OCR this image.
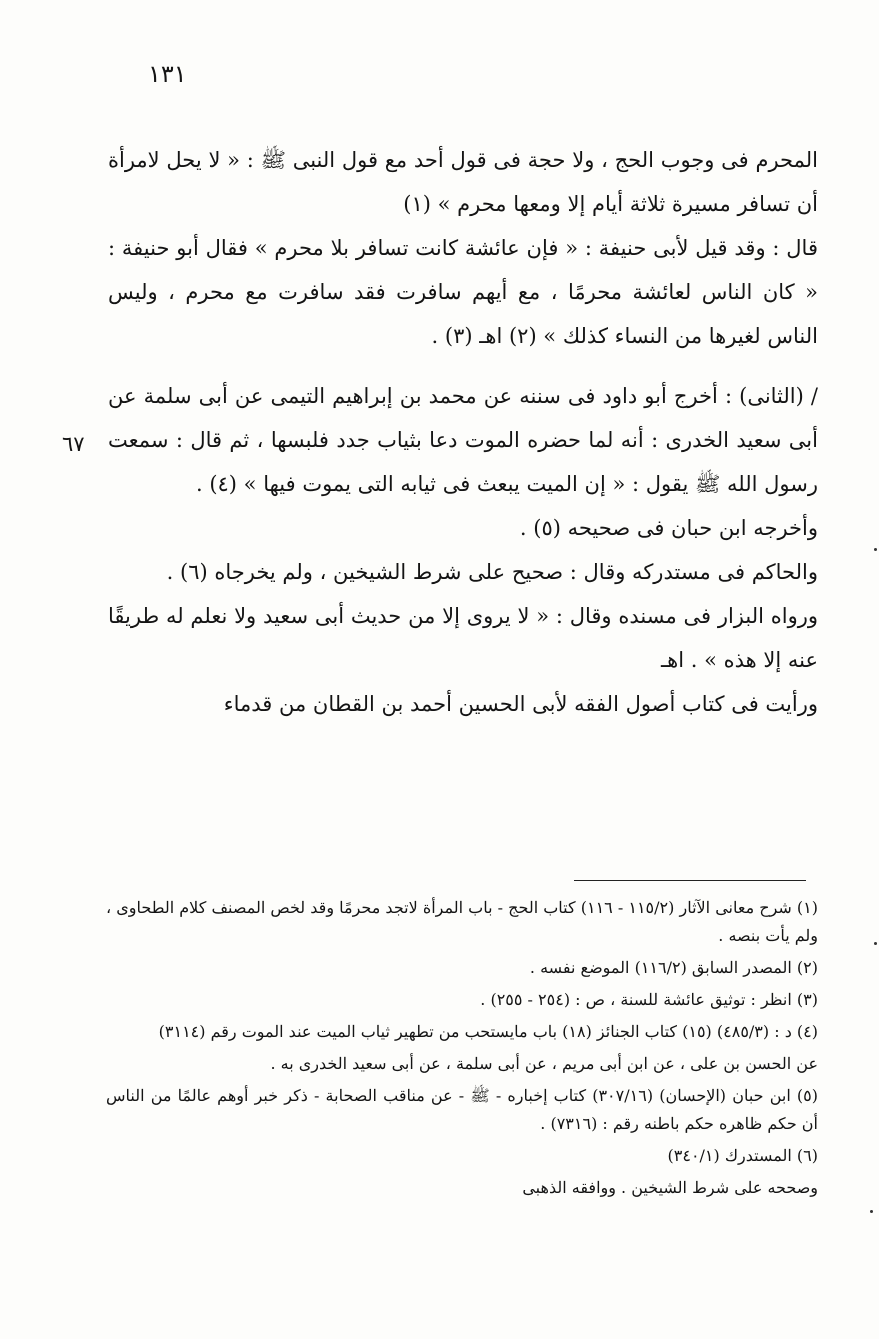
١٣١
٦٧

المحرم فى وجوب الحج ، ولا حجة فى قول أحد مع قول النبى ﷺ : « لا يحل لامرأة أن تسافر مسيرة ثلاثة أيام إلا ومعها محرم » (١)

قال : وقد قيل لأبى حنيفة : « فإن عائشة كانت تسافر بلا محرم » فقال أبو حنيفة : « كان الناس لعائشة محرمًا ، مع أيهم سافرت فقد سافرت مع محرم ، وليس الناس لغيرها من النساء كذلك » (٢) اهـ (٣) .

/ (الثانى) : أخرج أبو داود فى سننه عن محمد بن إبراهيم التيمى عن أبى سلمة عن أبى سعيد الخدرى : أنه لما حضره الموت دعا بثياب جدد فلبسها ، ثم قال : سمعت رسول الله ﷺ يقول : « إن الميت يبعث فى ثيابه التى يموت فيها » (٤) .

وأخرجه ابن حبان فى صحيحه (٥) .

والحاكم فى مستدركه وقال : صحيح على شرط الشيخين ، ولم يخرجاه (٦) .

ورواه البزار فى مسنده وقال : « لا يروى إلا من حديث أبى سعيد ولا نعلم له طريقًا عنه إلا هذه » . اهـ

ورأيت فى كتاب أصول الفقه لأبى الحسين أحمد بن القطان من قدماء

(١) شرح معانى الآثار (١١٥/٢ - ١١٦) كتاب الحج - باب المرأة لاتجد محرمًا وقد لخص المصنف كلام الطحاوى ، ولم يأت بنصه .

(٢) المصدر السابق (١١٦/٢) الموضع نفسه .

(٣) انظر : توثيق عائشة للسنة ، ص : (٢٥٤ - ٢٥٥) .

(٤) د : (٤٨٥/٣) (١٥) كتاب الجنائز (١٨) باب مايستحب من تطهير ثياب الميت عند الموت رقم (٣١١٤)

عن الحسن بن على ، عن ابن أبى مريم ، عن أبى سلمة ، عن أبى سعيد الخدرى به .

(٥) ابن حبان (الإحسان) (٣٠٧/١٦) كتاب إخباره - ﷺ - عن مناقب الصحابة - ذكر خبر أوهم عالمًا من الناس أن حكم ظاهره حكم باطنه رقم : (٧٣١٦) .

(٦) المستدرك (٣٤٠/١)

وصححه على شرط الشيخين . ووافقه الذهبى
